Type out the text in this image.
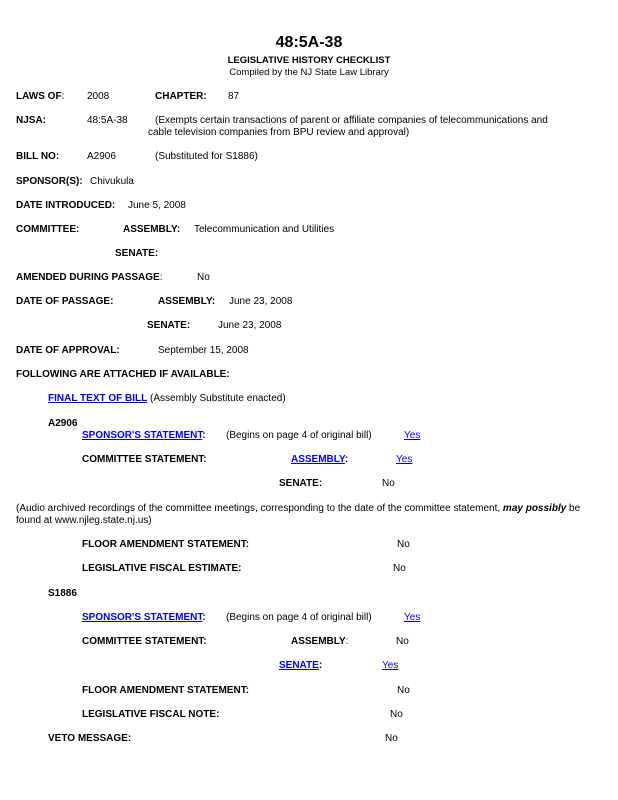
48:5A-38
LEGISLATIVE HISTORY CHECKLIST
Compiled by the NJ State Law Library
LAWS OF: 2008	CHAPTER: 87
NJSA:	48:5A-38	(Exempts certain transactions of parent or affiliate companies of telecommunications and
cable television companies from BPU review and approval)
BILL NO:	A2906	(Substituted for S1886)
SPONSOR(S): Chivukula
DATE INTRODUCED: June 5, 2008
COMMITTEE:	ASSEMBLY: Telecommunication and Utilities
SENATE:
AMENDED DURING PASSAGE:	No
DATE OF PASSAGE:	ASSEMBLY: June 23, 2008
SENATE:	June 23, 2008
DATE OF APPROVAL:	September 15, 2008
FOLLOWING ARE ATTACHED IF AVAILABLE:
FINAL TEXT OF BILL (Assembly Substitute enacted)
A2906
SPONSOR'S STATEMENT: (Begins on page 4 of original bill)	Yes
COMMITTEE STATEMENT:	ASSEMBLY:	Yes
SENATE:	No
(Audio archived recordings of the committee meetings, corresponding to the date of the committee statement, may possibly be found at www.njleg.state.nj.us)
FLOOR AMENDMENT STATEMENT:	No
LEGISLATIVE FISCAL ESTIMATE:	No
S1886
SPONSOR'S STATEMENT: (Begins on page 4 of original bill)	Yes
COMMITTEE STATEMENT:	ASSEMBLY:	No
SENATE:	Yes
FLOOR AMENDMENT STATEMENT:	No
LEGISLATIVE FISCAL NOTE:	No
VETO MESSAGE:	No
